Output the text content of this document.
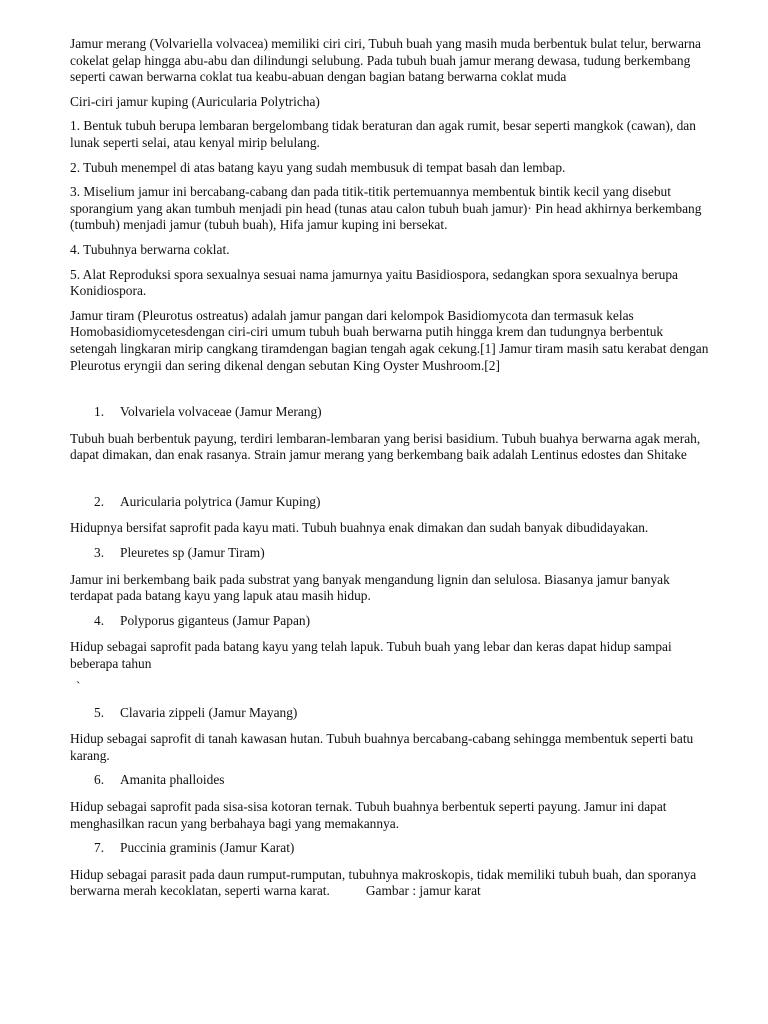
Jamur merang (Volvariella volvacea) memiliki ciri ciri, Tubuh buah yang masih muda berbentuk bulat telur, berwarna cokelat gelap hingga abu-abu dan dilindungi selubung. Pada tubuh buah jamur merang dewasa, tudung berkembang seperti cawan berwarna coklat tua keabu-abuan dengan bagian batang berwarna coklat muda

Ciri-ciri jamur kuping (Auricularia Polytricha)

1. Bentuk tubuh berupa lembaran bergelombang tidak beraturan dan agak rumit, besar seperti mangkok (cawan), dan lunak seperti selai, atau kenyal mirip belulang.

2. Tubuh menempel di atas batang kayu yang sudah membusuk di tempat basah dan lembap.

3. Miselium jamur ini bercabang-cabang dan pada titik-titik pertemuannya membentuk bintik kecil yang disebut sporangium yang akan tumbuh menjadi pin head (tunas atau calon tubuh buah jamur)· Pin head akhirnya berkembang (tumbuh) menjadi jamur (tubuh buah), Hifa jamur kuping ini bersekat.

4. Tubuhnya berwarna coklat.

5. Alat Reproduksi spora sexualnya sesuai nama jamurnya yaitu Basidiospora, sedangkan spora sexualnya berupa Konidiospora.

Jamur tiram (Pleurotus ostreatus) adalah jamur pangan dari kelompok Basidiomycota dan termasuk kelas Homobasidiomycetesdengan ciri-ciri umum tubuh buah berwarna putih hingga krem dan tudungnya berbentuk setengah lingkaran mirip cangkang tiramdengan bagian tengah agak cekung.[1] Jamur tiram masih satu kerabat dengan Pleurotus eryngii dan sering dikenal dengan sebutan King Oyster Mushroom.[2]

1. Volvariela volvaceae (Jamur Merang)

Tubuh buah berbentuk payung, terdiri lembaran-lembaran yang berisi basidium. Tubuh buahya berwarna agak merah, dapat dimakan, dan enak rasanya. Strain jamur merang yang berkembang baik adalah Lentinus edostes dan Shitake

2. Auricularia polytrica (Jamur Kuping)

Hidupnya bersifat saprofit pada kayu mati. Tubuh buahnya enak dimakan dan sudah banyak dibudidayakan.

3. Pleuretes sp (Jamur Tiram)

Jamur ini berkembang baik pada substrat yang banyak mengandung lignin dan selulosa. Biasanya jamur banyak terdapat pada batang kayu yang lapuk atau masih hidup.

4. Polyporus giganteus (Jamur Papan)

Hidup sebagai saprofit pada batang kayu yang telah lapuk. Tubuh buah yang lebar dan keras dapat hidup sampai beberapa tahun

`
5. Clavaria zippeli (Jamur Mayang)

Hidup sebagai saprofit di tanah kawasan hutan. Tubuh buahnya bercabang-cabang sehingga membentuk seperti batu karang.

6. Amanita phalloides

Hidup sebagai saprofit pada sisa-sisa kotoran ternak. Tubuh buahnya berbentuk seperti payung. Jamur ini dapat menghasilkan racun yang berbahaya bagi yang memakannya.

7. Puccinia graminis (Jamur Karat)

Hidup sebagai parasit pada daun rumput-rumputan, tubuhnya makroskopis, tidak memiliki tubuh buah, dan sporanya berwarna merah kecoklatan, seperti warna karat.	Gambar : jamur karat
